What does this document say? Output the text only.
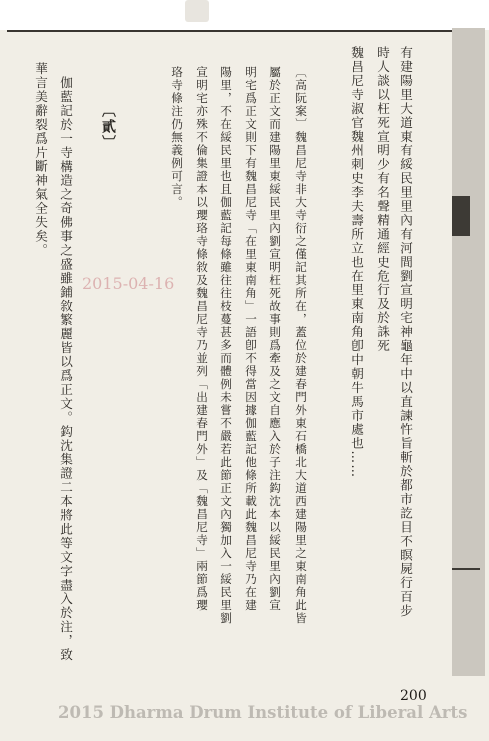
有建陽里大道東有綏民里里內有河間劉宣明宅神龜年中以直諫忤旨斬於都市訖目不瞑屍行百步
時人談以枉死宣明少有名聲精通經史危行及於誅死
魏昌尼寺淑官魏州刺史李夫壽所立也在里東南角卽中朝牛馬市處也……
〔高阮案〕魏昌尼寺非大寺衍之僅記其所在，蓋位於建春門外東石橋北大道西建陽里之東南角此皆
屬於正文而建陽里東綏民里內劉宣明枉死故事則爲牽及之文自應入於子注鈎沈本以綏民里內劉宣
明宅爲正文則下有魏昌尼寺「在里東南角」一語卽不得當因據伽藍記他條所載此魏昌尼寺乃在建
陽里，不在綏民里也且伽藍記每條雖往往枝蔓甚多而體例未嘗不嚴若此節正文內獨加入一綏民里劉
宣明宅亦殊不倫集證本以瓔珞寺條敘及魏昌尼寺乃並列「出建春門外」及「魏昌尼寺」兩節爲瓔
珞寺條注仍無義例可言。
〔貳〕
伽藍記於一寺構造之奇佛事之盛雖鋪敘繁麗皆以爲正文。鈎沈集證二本將此等文字盡入於注，致
華言美辭裂爲片斷神氣全失矣。
2015-04-16
200
2015 Dharma Drum Institute of Liberal Arts
